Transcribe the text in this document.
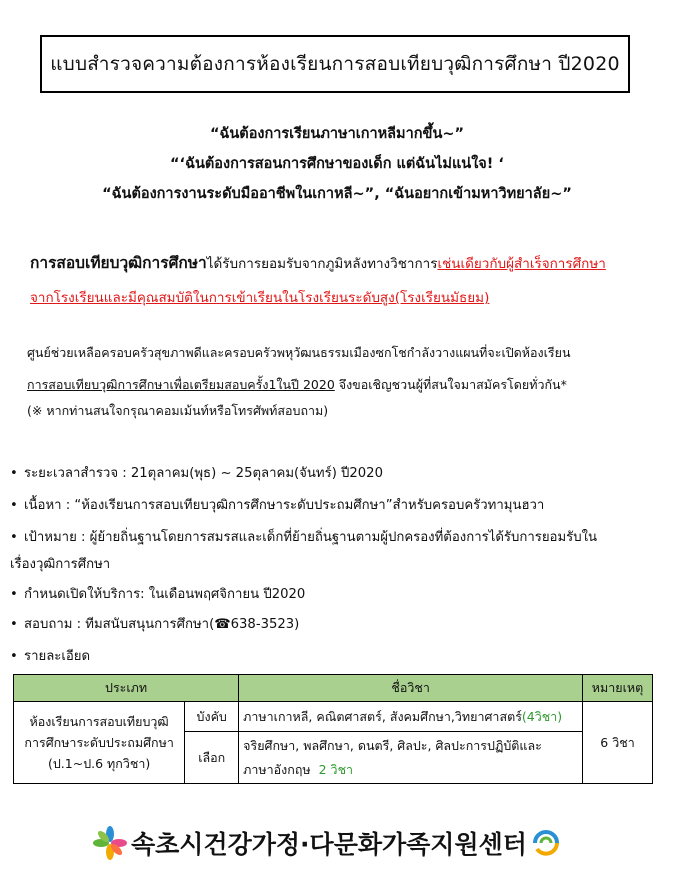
แบบสำรวจความต้องการห้องเรียนการสอบเทียบวุฒิการศึกษา ปี2020
“ฉันต้องการเรียนภาษาเกาหลีมากขึ้น~”
“‘ฉันต้องการสอนการศึกษาของเด็ก แต่ฉันไม่แน่ใจ! ‘
“ฉันต้องการงานระดับมืออาชีพในเกาหลี~”, “ฉันอยากเข้ามหาวิทยาลัย~”
การสอบเทียบวุฒิการศึกษาได้รับการยอมรับจากภูมิหลังทางวิชาการเช่นเดียวกับผู้สำเร็จการศึกษา
จากโรงเรียนและมีคุณสมบัติในการเข้าเรียนในโรงเรียนระดับสูง(โรงเรียนมัธยม)
ศูนย์ช่วยเหลือครอบครัวสุขภาพดีและครอบครัวพหุวัฒนธรรมเมืองซกโชกำลังวางแผนที่จะเปิดห้องเรียน
การสอบเทียบวุฒิการศึกษาเพื่อเตรียมสอบครั้ง1ในปี 2020 จึงขอเชิญชวนผู้ที่สนใจมาสมัครโดยทั่วกัน*
(※ หากท่านสนใจกรุณาคอมเม้นท์หรือโทรศัพท์สอบถาม)
• ระยะเวลาสำรวจ : 21ตุลาคม(พุธ) ~ 25ตุลาคม(จันทร์) ปี2020
• เนื้อหา : “ห้องเรียนการสอบเทียบวุฒิการศึกษาระดับประถมศึกษา”สำหรับครอบครัวทามุนฮวา
• เป้าหมาย : ผู้ย้ายถิ่นฐานโดยการสมรสและเด็กที่ย้ายถิ่นฐานตามผู้ปกครองที่ต้องการได้รับการยอมรับใน
เรื่องวุฒิการศึกษา
• กำหนดเปิดให้บริการ: ในเดือนพฤศจิกายน ปี2020
• สอบถาม : ทีมสนับสนุนการศึกษา(☎638-3523)
• รายละเอียด
ประเภท		ชื่อวิชา	หมายเหตุ

ห้องเรียนการสอบเทียบวุฒิ
การศึกษาระดับประถมศึกษา
(ป.1~ป.6 ทุกวิชา)	บังคับ	ภาษาเกาหลี, คณิตศาสตร์, สังคมศึกษา,วิทยาศาสตร์(4วิชา)	6 วิชา
	เลือก	จริยศึกษา, พลศึกษา, ดนตรี, ศิลปะ, ศิลปะการปฏิบัติและ
ภาษาอังกฤษ 2 วิชา	
속초시건강가정·다문화가족지원센터
